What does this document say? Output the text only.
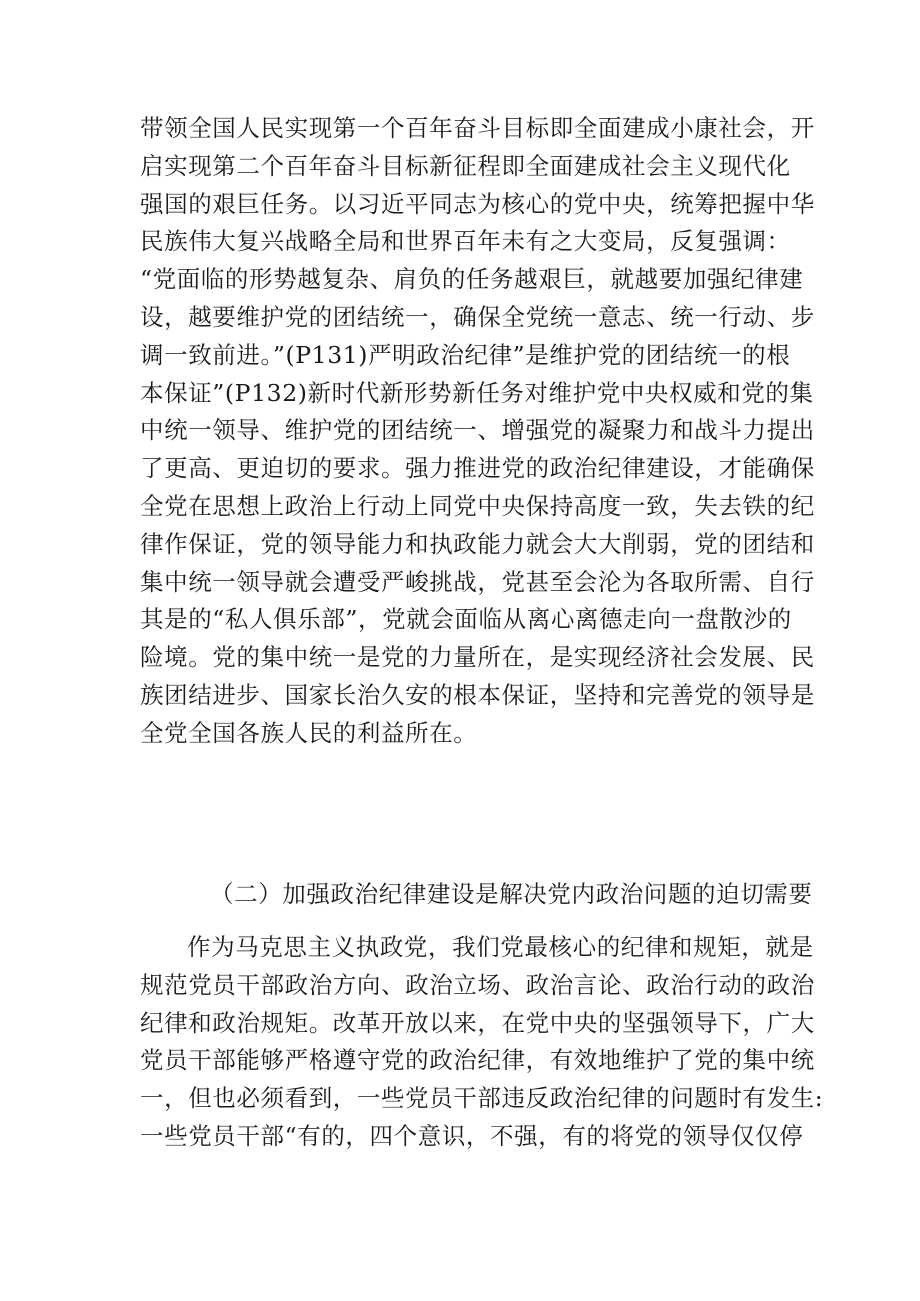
带领全国人民实现第一个百年奋斗目标即全面建成小康社会，开
启实现第二个百年奋斗目标新征程即全面建成社会主义现代化
强国的艰巨任务。以习近平同志为核心的党中央，统筹把握中华
民族伟大复兴战略全局和世界百年未有之大变局，反复强调：
“党面临的形势越复杂、肩负的任务越艰巨，就越要加强纪律建
设，越要维护党的团结统一，确保全党统一意志、统一行动、步
调一致前进。”(P131)严明政治纪律”是维护党的团结统一的根
本保证”(P132)新时代新形势新任务对维护党中央权威和党的集
中统一领导、维护党的团结统一、增强党的凝聚力和战斗力提出
了更高、更迫切的要求。强力推进党的政治纪律建设，才能确保
全党在思想上政治上行动上同党中央保持高度一致，失去铁的纪
律作保证，党的领导能力和执政能力就会大大削弱，党的团结和
集中统一领导就会遭受严峻挑战，党甚至会沦为各取所需、自行
其是的“私人俱乐部”，党就会面临从离心离德走向一盘散沙的
险境。党的集中统一是党的力量所在，是实现经济社会发展、民
族团结进步、国家长治久安的根本保证，坚持和完善党的领导是
全党全国各族人民的利益所在。
（二）加强政治纪律建设是解决党内政治问题的迫切需要
作为马克思主义执政党，我们党最核心的纪律和规矩，就是
规范党员干部政治方向、政治立场、政治言论、政治行动的政治
纪律和政治规矩。改革开放以来，在党中央的坚强领导下，广大
党员干部能够严格遵守党的政治纪律，有效地维护了党的集中统
一，但也必须看到，一些党员干部违反政治纪律的问题时有发生:
一些党员干部“有的，四个意识，不强，有的将党的领导仅仅停
